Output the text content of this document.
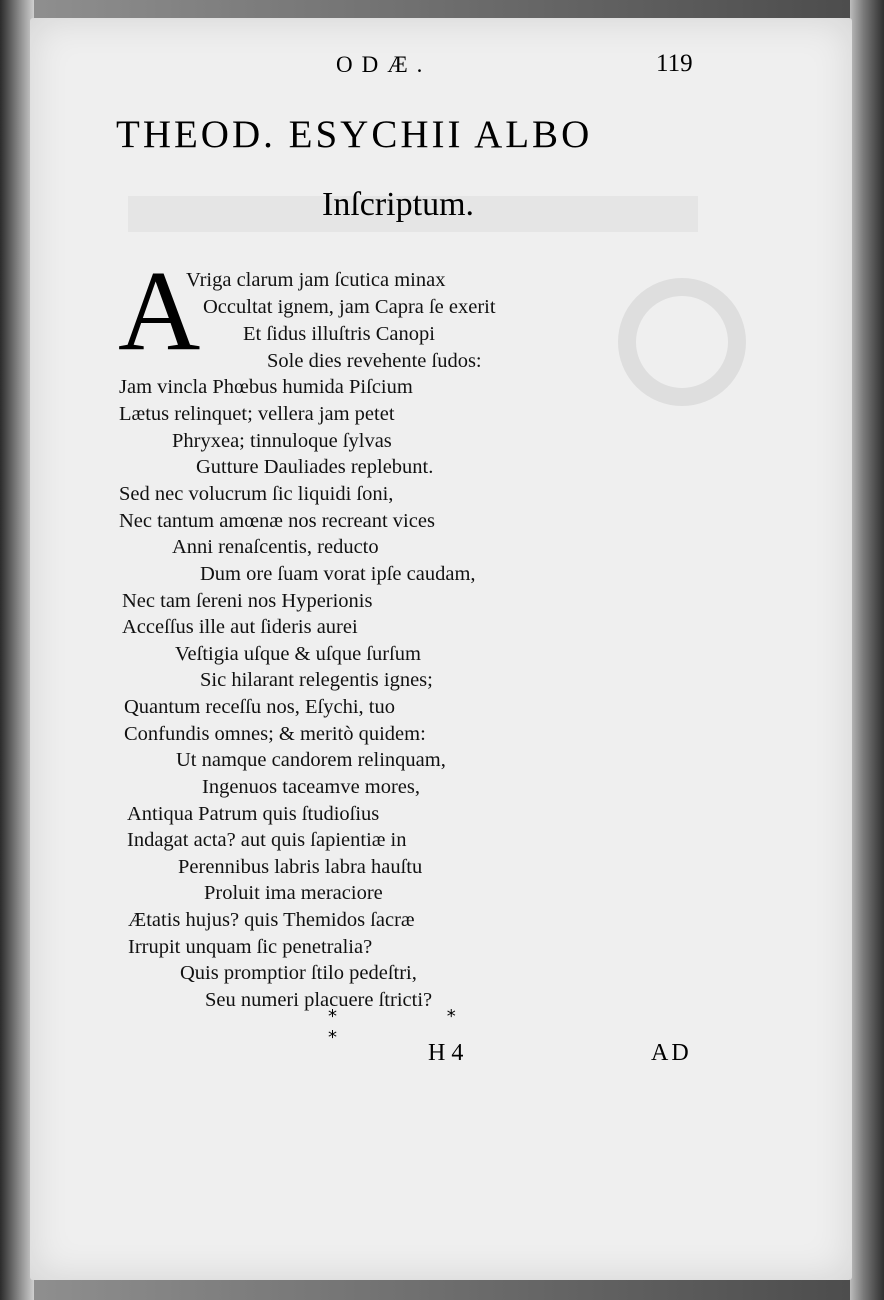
ODÆ.	119
THEOD. ESYCHII ALBO
Inſcriptum.
A
Vriga clarum jam ſcutica minax
Occultat ignem, jam Capra ſe exerit
Et ſidus illuſtris Canopi
Sole dies revehente ſudos:
Jam vincla Phœbus humida Piſcium
Lætus relinquet; vellera jam petet
Phryxea; tinnuloque ſylvas
Gutture Dauliades replebunt.
Sed nec volucrum ſic liquidi ſoni,
Nec tantum amœnæ nos recreant vices
Anni renaſcentis, reducto
Dum ore ſuam vorat ipſe caudam,
Nec tam ſereni nos Hyperionis
Acceſſus ille aut ſideris aurei
Veſtigia uſque & uſque ſurſum
Sic hilarant relegentis ignes;
Quantum receſſu nos, Eſychi, tuo
Confundis omnes; & meritò quidem:
Ut namque candorem relinquam,
Ingenuos taceamve mores,
Antiqua Patrum quis ſtudioſius
Indagat acta? aut quis ſapientiæ in
Perennibus labris labra hauſtu
Proluit ima meraciore
Ætatis hujus? quis Themidos ſacræ
Irrupit unquam ſic penetralia?
Quis promptior ſtilo pedeſtri,
Seu numeri placuere ſtricti?
* * *
H 4	AD
